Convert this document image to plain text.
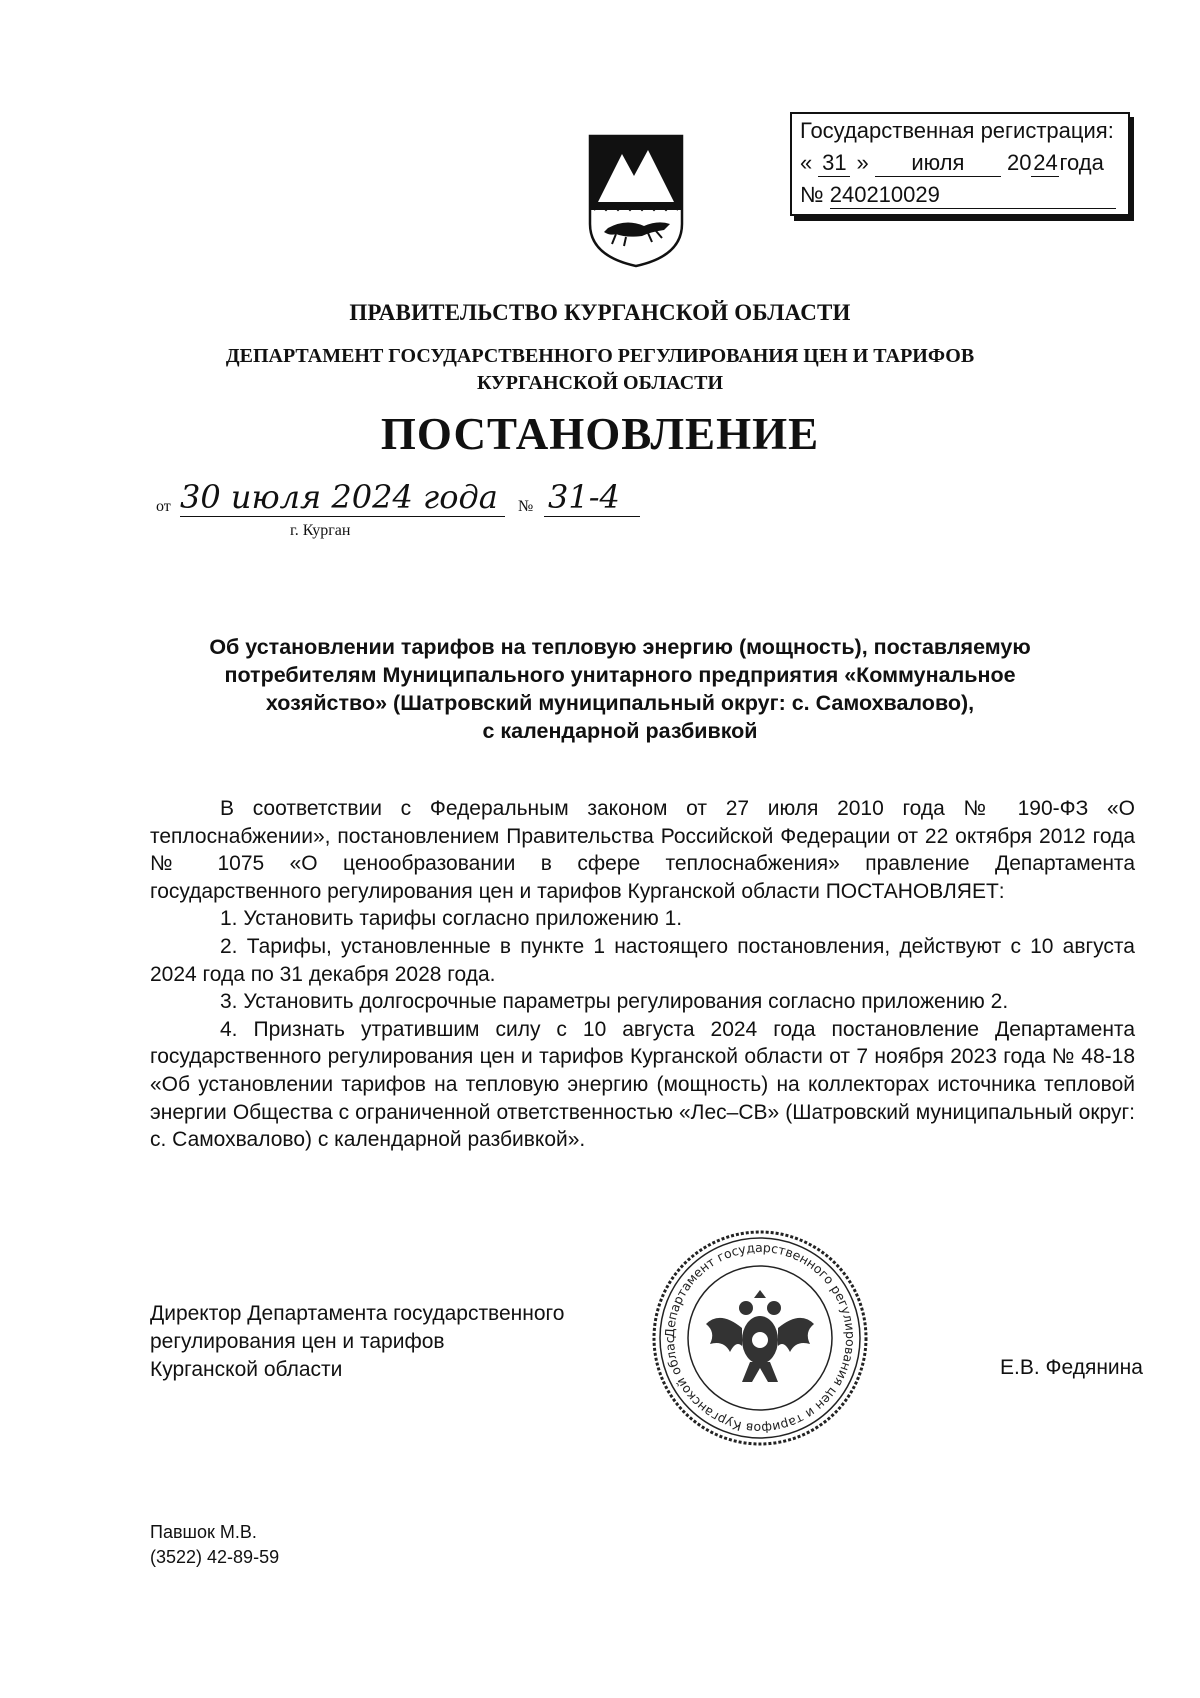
Государственная регистрация:
« 31 » июля 2024года
№ 240210029
ПРАВИТЕЛЬСТВО КУРГАНСКОЙ ОБЛАСТИ
ДЕПАРТАМЕНТ ГОСУДАРСТВЕННОГО РЕГУЛИРОВАНИЯ ЦЕН И ТАРИФОВ
КУРГАНСКОЙ ОБЛАСТИ
ПОСТАНОВЛЕНИЕ
от 30 июля 2024 года № 31-4
г. Курган
Об установлении тарифов на тепловую энергию (мощность), поставляемую
потребителям Муниципального унитарного предприятия «Коммунальное
хозяйство» (Шатровский муниципальный округ: с. Самохвалово),
с календарной разбивкой

В соответствии с Федеральным законом от 27 июля 2010 года № 190-ФЗ «О теплоснабжении», постановлением Правительства Российской Федерации от 22 октября 2012 года № 1075 «О ценообразовании в сфере теплоснабжения» правление Департамента государственного регулирования цен и тарифов Курганской области ПОСТАНОВЛЯЕТ:

1. Установить тарифы согласно приложению 1.

2. Тарифы, установленные в пункте 1 настоящего постановления, действуют с 10 августа 2024 года по 31 декабря 2028 года.

3. Установить долгосрочные параметры регулирования согласно приложению 2.

4. Признать утратившим силу с 10 августа 2024 года постановление Департамента государственного регулирования цен и тарифов Курганской области от 7 ноября 2023 года № 48-18 «Об установлении тарифов на тепловую энергию (мощность) на коллекторах источника тепловой энергии Общества с ограниченной ответственностью «Лес–СВ» (Шатровский муниципальный округ: с. Самохвалово) с календарной разбивкой».

Директор Департамента государственного
регулирования цен и тарифов
Курганской области
Департамент государственного регулирования цен и тарифов Курганской облас
Е.В. Федянина
Павшок М.В.
(3522) 42-89-59
